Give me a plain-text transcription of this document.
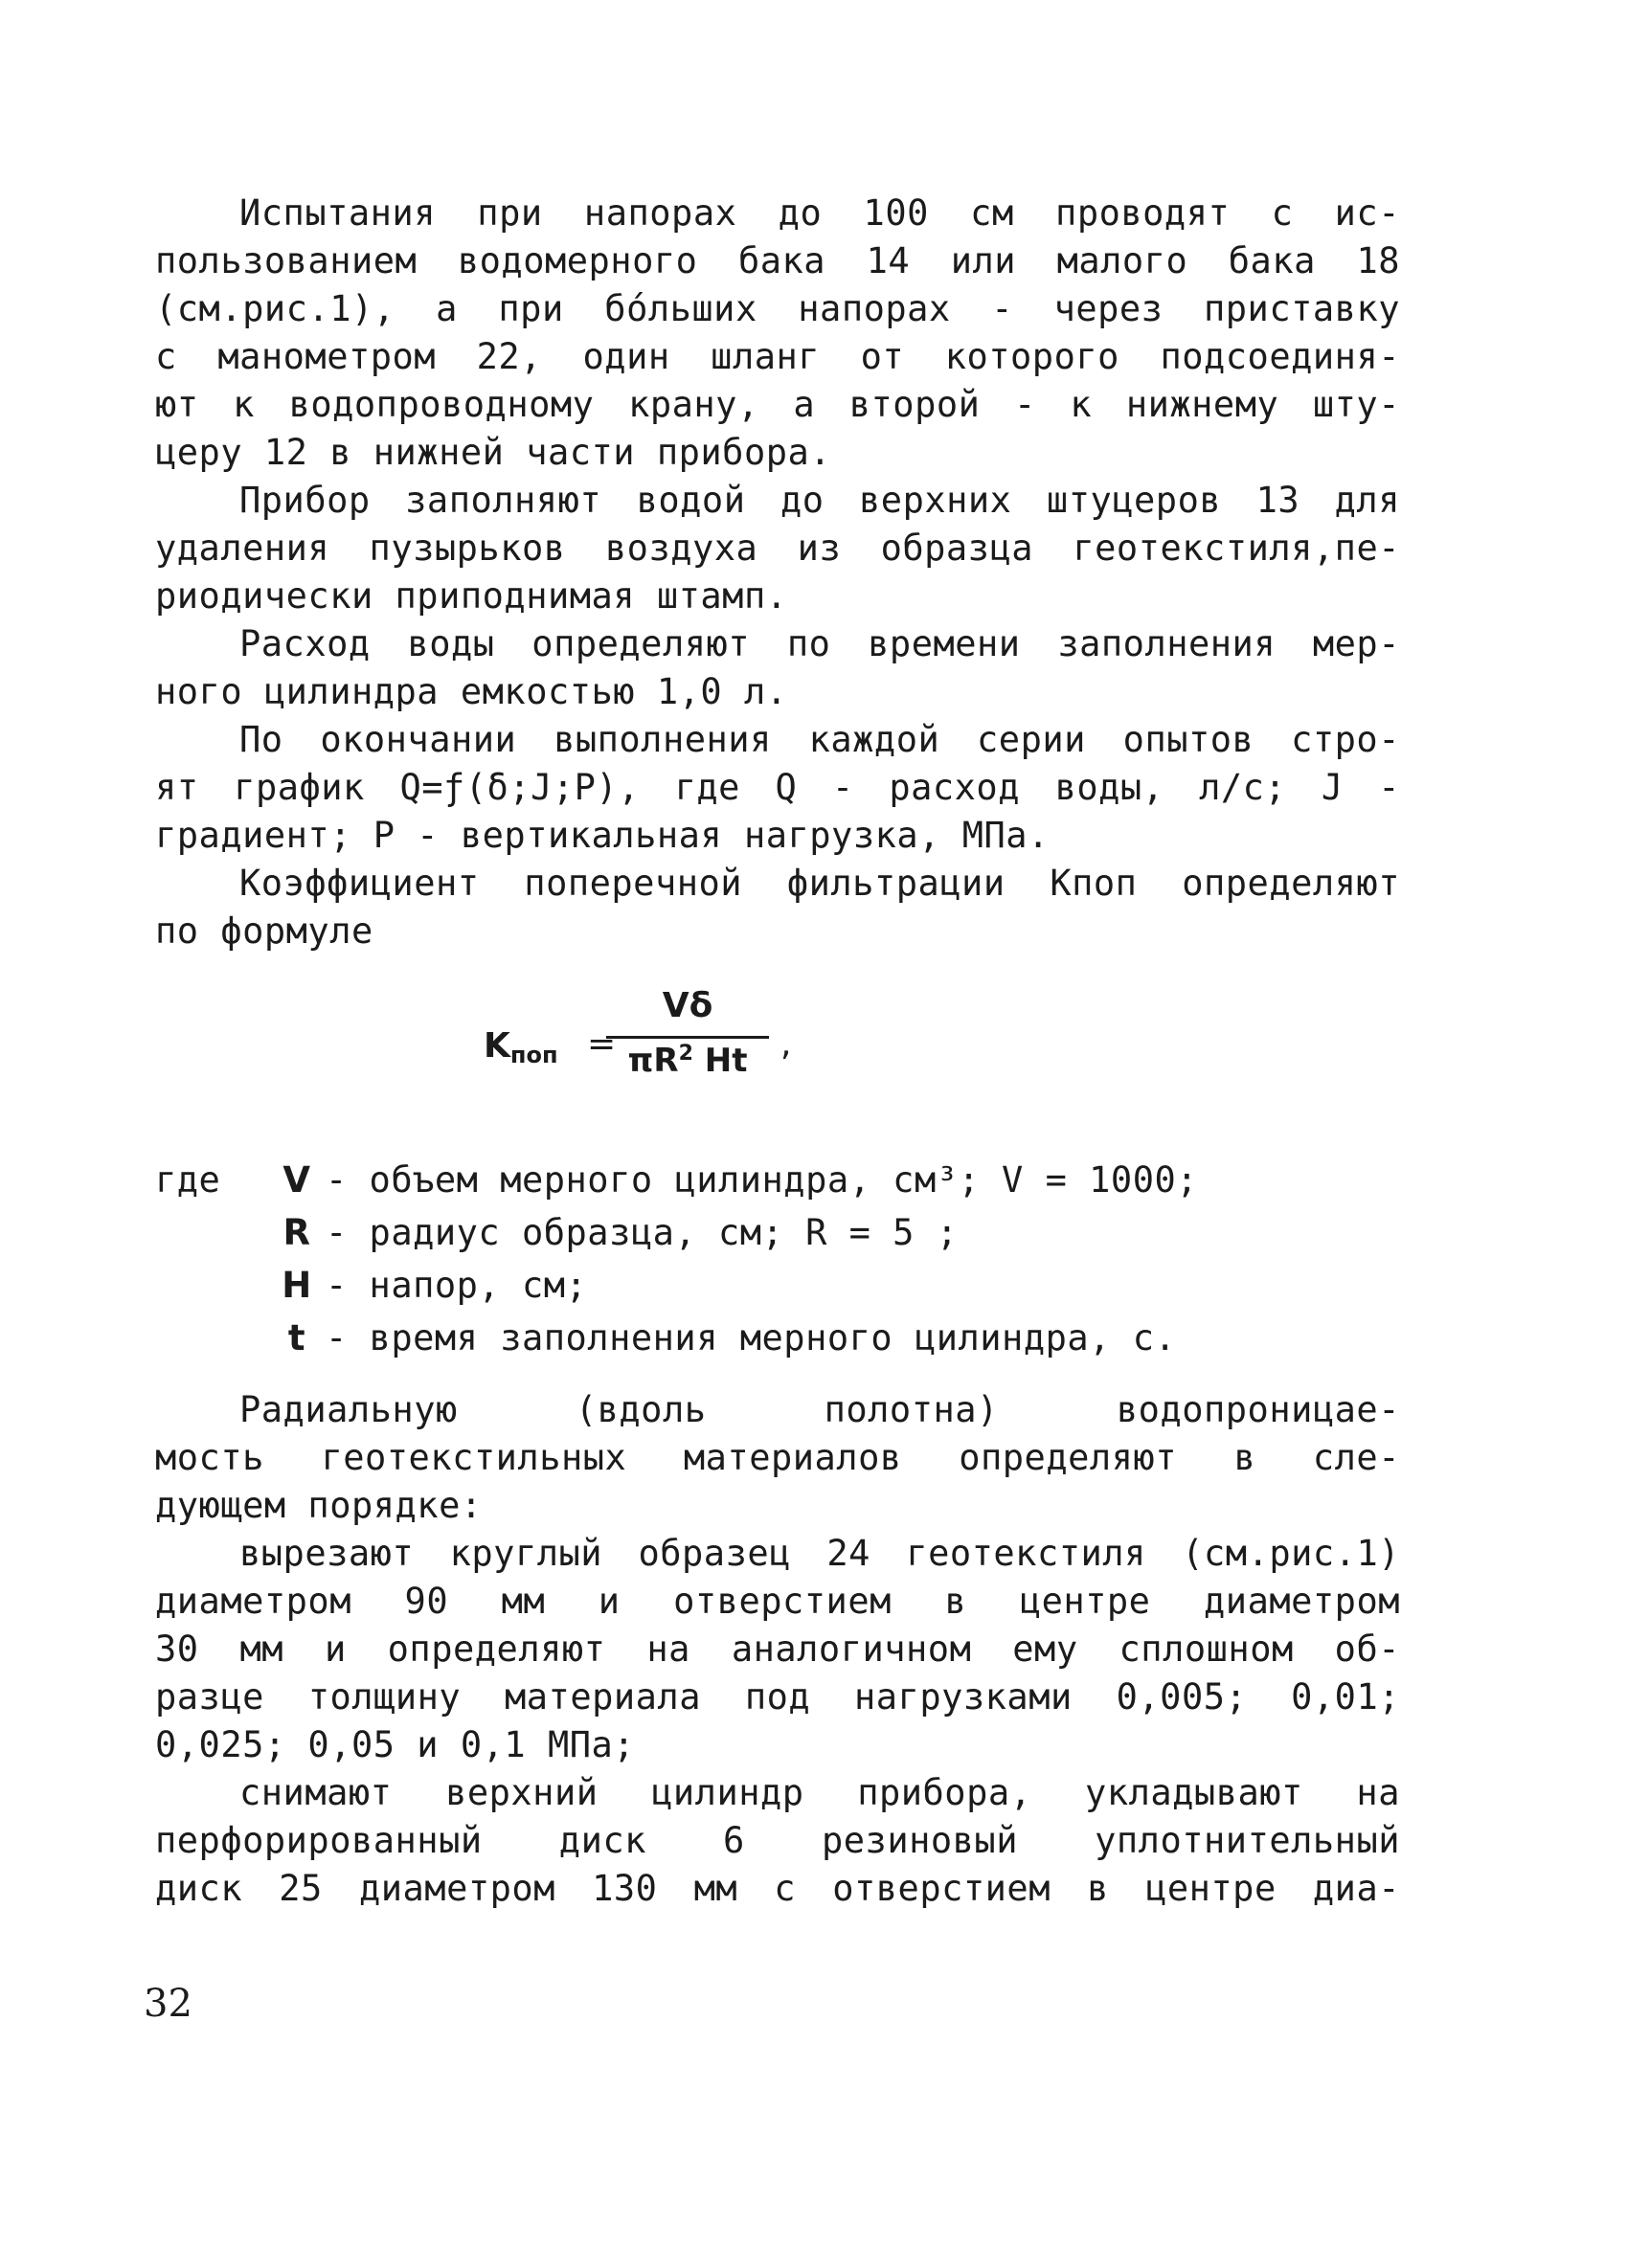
Испытания при напорах до 100 см проводят с ис-
пользованием водомерного бака 14 или малого бака 18
(см.рис.1), а при бóльших напорах - через приставку
с манометром 22, один шланг от которого подсоединя-
ют к водопроводному крану, а второй - к нижнему шту-
церу 12 в нижней части прибора.
Прибор заполняют водой до верхних штуцеров 13 для
удаления пузырьков воздуха из образца геотекстиля,пе-
риодически приподнимая штамп.
Расход воды определяют по времени заполнения мер-
ного цилиндра емкостью 1,0 л.
По окончании выполнения каждой серии опытов стро-
ят график Q=ƒ(δ;J;P), где Q - расход воды, л/с; J -
градиент; P - вертикальная нагрузка, МПа.
Коэффициент поперечной фильтрации Kпоп определяют
по формуле
$K_{поп}$ =
Vδ
$\pi R^2$ Ht ,
где V - объем мерного цилиндра, см³; V = 1000;
R - радиус образца, см; R = 5 ;
H - напор, см;
t - время заполнения мерного цилиндра, с.
Радиальную (вдоль полотна) водопроницае-
мость геотекстильных материалов определяют в сле-
дующем порядке:
вырезают круглый образец 24 геотекстиля (см.рис.1)
диаметром 90 мм и отверстием в центре диаметром
30 мм и определяют на аналогичном ему сплошном об-
разце толщину материала под нагрузками 0,005; 0,01;
0,025; 0,05 и 0,1 МПа;
снимают верхний цилиндр прибора, укладывают на
перфорированный диск 6 резиновый уплотнительный
диск 25 диаметром 130 мм с отверстием в центре диа-
32
